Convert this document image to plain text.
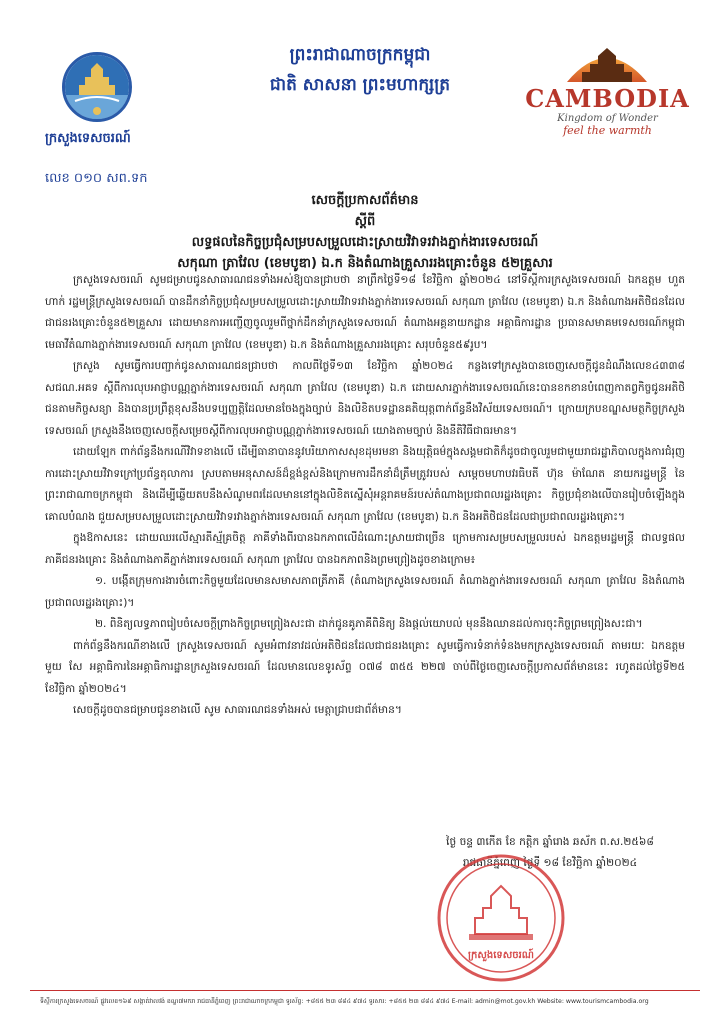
ព្រះរាជាណាចក្រកម្ពុជា
ជាតិ សាសនា ព្រះមហាក្សត្រ	CAMBODIA
Kingdom of Wonder
feel the warmth
ក្រសួងទេសចរណ៍
លេខ ០១០ សព.ទក
សេចក្តីប្រកាសព័ត៌មាន
ស្តីពី
លទ្ធផលនៃកិច្ចប្រជុំសម្របសម្រួលដោះស្រាយវិវាទរវាងភ្នាក់ងារទេសចរណ៍
សកុណា ត្រាវែល (ខេមបូឌា) ឯ.ក និងតំណាងគ្រួសាររងគ្រោះចំនួន ៥២គ្រួសារ

ក្រសួងទេសចរណ៍ សូមជម្រាបជូនសាធារណជនទាំងអស់ឱ្យបានជ្រាបថា នាព្រឹកថ្ងៃទី១៨ ខែវិច្ឆិកា ឆ្នាំ២០២៤ នៅទីស្តីការក្រសួងទេសចរណ៍ ឯកឧត្តម ហួត ហាក់ រដ្ឋមន្ត្រីក្រសួងទេសចរណ៍ បានដឹកនាំកិច្ចប្រជុំសម្របសម្រួលដោះស្រាយវិវាទរវាងភ្នាក់ងារទេសចរណ៍ សកុណា ត្រាវែល (ខេមបូឌា) ឯ.ក និងតំណាងអតិថិជនដែលជាជនរងគ្រោះចំនួន៥២គ្រួសារ ដោយមានការអញ្ជើញចូលរួមពីថ្នាក់ដឹកនាំក្រសួងទេសចរណ៍ តំណាងអគ្គនាយកដ្ឋាន អគ្គាធិការដ្ឋាន ប្រធានសមាគមទេសចរណ៍កម្ពុជា មេធាវីតំណាងភ្នាក់ងារទេសចរណ៍ សកុណា ត្រាវែល (ខេមបូឌា) ឯ.ក និងតំណាងគ្រួសាររងគ្រោះ សរុបចំនួន៥៩រូប។

ក្រសួង សូមធ្វើការបញ្ជាក់ជូនសាធារណជនជ្រាបថា កាលពីថ្ងៃទី១៣ ខែវិច្ឆិកា ឆ្នាំ២០២៤ កន្លងទៅក្រសួងបានចេញសេចក្តីជូនដំណឹងលេខ៤៣៣៨ សជណ.អគទ ស្តីពីការលុបអាជ្ញាបណ្ណភ្នាក់ងារទេសចរណ៍ សកុណា ត្រាវែល (ខេមបូឌា) ឯ.ក ដោយសារភ្នាក់ងារទេសចរណ៍នេះបានខកខានបំពេញកាតព្វកិច្ចជូនអតិថិជនតាមកិច្ចសន្យា និងបានប្រព្រឹត្តខុសនឹងបទប្បញ្ញត្តិដែលមានចែងក្នុងច្បាប់ និងលិខិតបទដ្ឋានគតិយុត្តពាក់ព័ន្ធនឹងវិស័យទេសចរណ៍។ ក្រោយក្របខណ្ឌសមត្ថកិច្ចក្រសួងទេសចរណ៍ ក្រសួងនឹងចេញសេចក្តីសម្រេចស្តីពីការលុបអាជ្ញាបណ្ណភ្នាក់ងារទេសចរណ៍ យោងតាមច្បាប់ និងនីតិវិធីជាធរមាន។

ដោយឡែក ពាក់ព័ន្ធនឹងករណីវិវាទខាងលើ ដើម្បីធានាបាននូវបរិយាកាសសុខដុមរមនា និងយុត្តិធម៌ក្នុងសង្គមជាតិក៏ដូចជាចូលរួមជាមួយរាជរដ្ឋាភិបាលក្នុងការជំរុញការដោះស្រាយវិវាទក្រៅប្រព័ន្ធតុលាការ ស្របតាមអនុសាសន៍ដ៏ខ្ពង់ខ្ពស់និងក្រោមការដឹកនាំដ៏ត្រឹមត្រូវរបស់ សម្តេចមហាបវរធិបតី ហ៊ុន ម៉ាណែត នាយករដ្ឋមន្ត្រី នៃព្រះរាជាណាចក្រកម្ពុជា និងដើម្បីឆ្លើយតបនឹងសំណូមពរដែលមាននៅក្នុងលិខិតស្នើសុំអន្តរាគមន៍របស់តំណាងប្រជាពលរដ្ឋរងគ្រោះ កិច្ចប្រជុំខាងលើបានរៀបចំឡើងក្នុងគោលបំណង ជួយសម្របសម្រួលដោះស្រាយវិវាទរវាងភ្នាក់ងារទេសចរណ៍ សកុណា ត្រាវែល (ខេមបូឌា) ឯ.ក និងអតិថិជនដែលជាប្រជាពលរដ្ឋរងគ្រោះ។

ក្នុងឱកាសនេះ ដោយឈរលើស្មារតីស្ម័គ្រចិត្ត ភាគីទាំងពីរបានឯកភាពលើដំណោះស្រាយជាច្រើន ក្រោមការសម្របសម្រួលរបស់ ឯកឧត្តមរដ្ឋមន្ត្រី ជាលទ្ធផលភាគីជនរងគ្រោះ និងតំណាងភាគីភ្នាក់ងារទេសចរណ៍ សកុណា ត្រាវែល បានឯកភាពនិងព្រមព្រៀងដូចខាងក្រោម៖

១. បង្កើតក្រុមការងារចំពោះកិច្ចមួយដែលមានសមាសភាពត្រីភាគី (តំណាងក្រសួងទេសចរណ៍ តំណាងភ្នាក់ងារទេសចរណ៍ សកុណា ត្រាវែល និងតំណាងប្រជាពលរដ្ឋរងគ្រោះ)។

២. ពិនិត្យលទ្ធភាពរៀបចំសេចក្តីព្រាងកិច្ចព្រមព្រៀងសះជា ដាក់ជូនគូភាគីពិនិត្យ និងផ្តល់យោបល់ មុននឹងឈានដល់ការចុះកិច្ចព្រមព្រៀងសះជា។

ពាក់ព័ន្ធនឹងករណីខាងលើ ក្រសួងទេសចរណ៍ សូមអំពាវនាវដល់អតិថិជនដែលជាជនរងគ្រោះ សូមធ្វើការទំនាក់ទំនងមកក្រសួងទេសចរណ៍ តាមរយៈ ឯកឧត្តម មួយ សែ អគ្គាធិការនៃអគ្គាធិការដ្ឋានក្រសួងទេសចរណ៍ ដែលមានលេខទូរស័ព្ទ ០៧៨ ៣៥៥ ២២៧ ចាប់ពីថ្ងៃចេញសេចក្តីប្រកាសព័ត៌មាននេះ រហូតដល់ថ្ងៃទី២៥ ខែវិច្ឆិកា ឆ្នាំ២០២៤។

សេចក្តីដូចបានជម្រាបជូនខាងលើ សូម សាធារណជនទាំងអស់ មេត្តាជ្រាបជាព័ត៌មាន។

ថ្ងៃ ចន្ទ ៣កើត ខែ កត្តិក ឆ្នាំរោង ឆស័ក ព.ស.២៥៦៨
រាជធានីភ្នំពេញ ថ្ងៃទី ១៨ ខែវិច្ឆិកា ឆ្នាំ២០២៤
ក្រសួងទេសចរណ៍
ទីស្តីការក្រសួងទេសចរណ៍ ផ្លូវលេខ១៦៩ សង្កាត់វាលវង់ ខណ្ឌ៧មករា រាជធានីភ្នំពេញ ព្រះរាជាណាចក្រកម្ពុជា ទូរស័ព្ទ: +៨៥៥ ២៣ ៨៨៤ ៩៧៤ ទូរសារ: +៨៥៥ ២៣ ៨៨៤ ៩៧៤ E-mail: admin@mot.gov.kh Website: www.tourismcambodia.org
